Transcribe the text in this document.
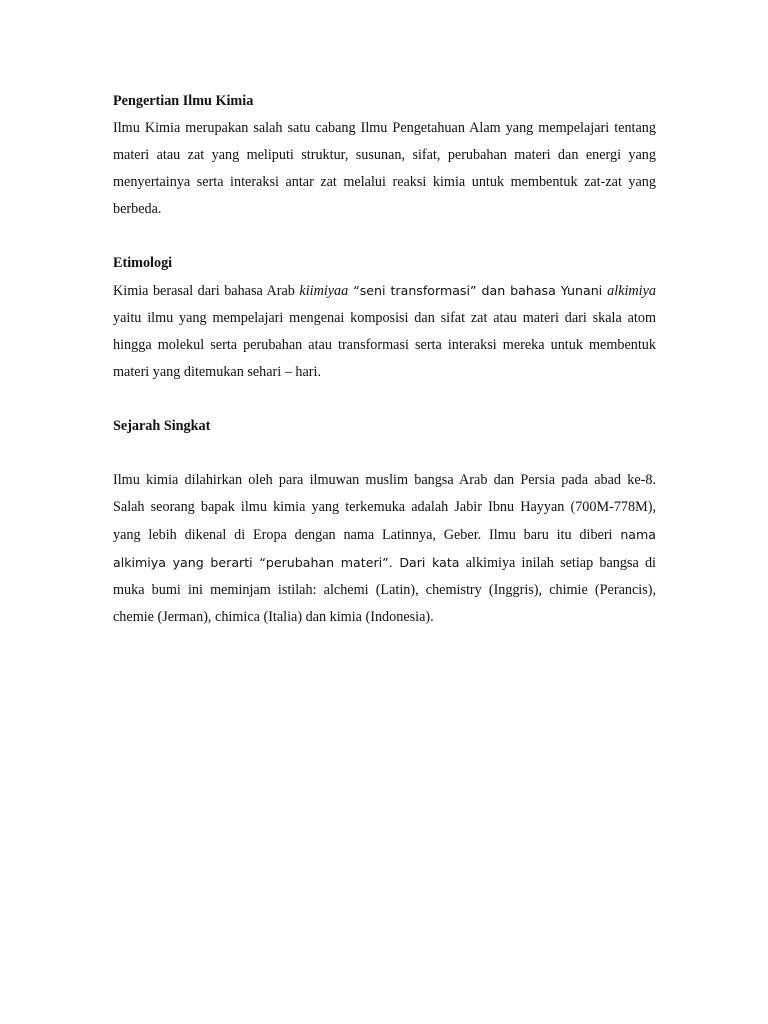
Pengertian Ilmu Kimia

Ilmu Kimia merupakan salah satu cabang Ilmu Pengetahuan Alam yang mempelajari tentang materi atau zat yang meliputi struktur, susunan, sifat, perubahan materi dan energi yang menyertainya serta interaksi antar zat melalui reaksi kimia untuk membentuk zat-zat yang berbeda.

Etimologi

Kimia berasal dari bahasa Arab kiimiyaa “seni transformasi” dan bahasa Yunani alkimiya yaitu ilmu yang mempelajari mengenai komposisi dan sifat zat atau materi dari skala atom hingga molekul serta perubahan atau transformasi serta interaksi mereka untuk membentuk materi yang ditemukan sehari – hari.

Sejarah Singkat

Ilmu kimia dilahirkan oleh para ilmuwan muslim bangsa Arab dan Persia pada abad ke-8. Salah seorang bapak ilmu kimia yang terkemuka adalah Jabir Ibnu Hayyan (700M-778M), yang lebih dikenal di Eropa dengan nama Latinnya, Geber. Ilmu baru itu diberi nama alkimiya yang berarti “perubahan materi”. Dari kata alkimiya inilah setiap bangsa di muka bumi ini meminjam istilah: alchemi (Latin), chemistry (Inggris), chimie (Perancis), chemie (Jerman), chimica (Italia) dan kimia (Indonesia).
